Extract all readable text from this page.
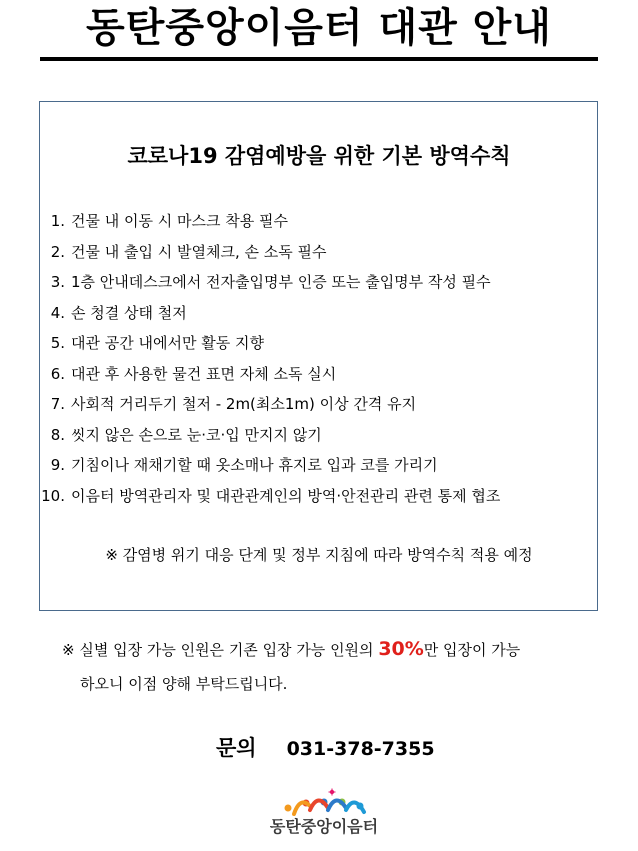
동탄중앙이음터 대관 안내
코로나19 감염예방을 위한 기본 방역수칙
1. 건물 내 이동 시 마스크 착용 필수
2. 건물 내 출입 시 발열체크, 손 소독 필수
3. 1층 안내데스크에서 전자출입명부 인증 또는 출입명부 작성 필수
4. 손 청결 상태 철저
5. 대관 공간 내에서만 활동 지향
6. 대관 후 사용한 물건 표면 자체 소독 실시
7. 사회적 거리두기 철저 - 2m(최소1m) 이상 간격 유지
8. 씻지 않은 손으로 눈·코·입 만지지 않기
9. 기침이나 재채기할 때 옷소매나 휴지로 입과 코를 가리기
10. 이음터 방역관리자 및 대관관계인의 방역·안전관리 관련 통제 협조
※ 감염병 위기 대응 단계 및 정부 지침에 따라 방역수칙 적용 예정
※ 실별 입장 가능 인원은 기존 입장 가능 인원의 30%만 입장이 가능
하오니 이점 양해 부탁드립니다.
문의 031-378-7355
동탄중앙이음터
